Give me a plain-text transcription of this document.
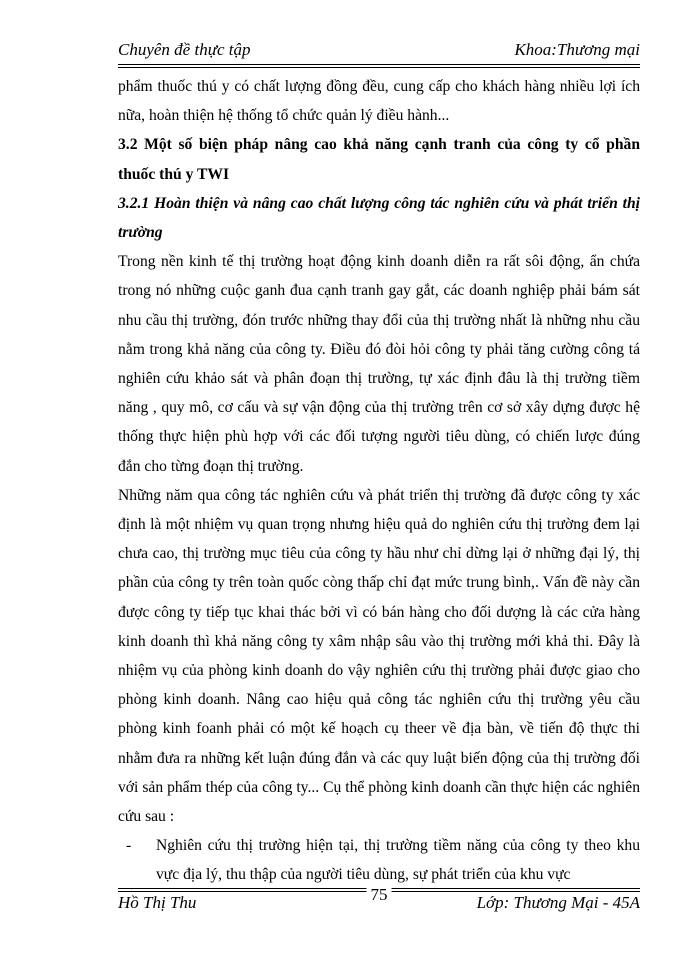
Chuyên đề thực tập	Khoa:Thương mại

phẩm thuốc thú y có chất lượng đồng đều, cung cấp cho khách hàng nhiều lợi ích nữa, hoàn thiện hệ thống tổ chức quản lý điều hành...

3.2 Một số biện pháp nâng cao khả năng cạnh tranh của công ty cổ phần thuốc thú y TWI

3.2.1 Hoàn thiện và nâng cao chất lượng công tác nghiên cứu và phát triển thị trường

Trong nền kinh tế thị trường hoạt động kinh doanh diễn ra rất sôi động, ẩn chứa trong nó những cuộc ganh đua cạnh tranh gay gắt, các doanh nghiệp phải bám sát nhu cầu thị trường, đón trước những thay đổi của thị trường nhất là những nhu cầu nằm trong khả năng của công ty. Điều đó đòi hỏi công ty phải tăng cường công tá nghiên cứu khảo sát và phân đoạn thị trường, tự xác định đâu là thị trường tiềm năng , quy mô, cơ cấu và sự vận động của thị trường trên cơ sở xây dựng được hệ thống thực hiện phù hợp với các đối tượng người tiêu dùng, có chiến lược đúng đắn cho từng đoạn thị trường.

Những năm qua công tác nghiên cứu và phát triển thị trường đã được công ty xác định là một nhiệm vụ quan trọng nhưng hiệu quả do nghiên cứu thị trường đem lại chưa cao, thị trường mục tiêu của công ty hầu như chỉ dừng lại ở những đại lý, thị phần của công ty trên toàn quốc còng thấp chỉ đạt mức trung bình,. Vấn đề này cần được công ty tiếp tục khai thác bởi vì có bán hàng cho đối dượng là các cửa hàng kinh doanh thì khả năng công ty xâm nhập sâu vào thị trường mới khả thi. Đây là nhiệm vụ của phòng kinh doanh do vậy nghiên cứu thị trường phải được giao cho phòng kinh doanh. Nâng cao hiệu quả công tác nghiên cứu thị trường yêu cầu phòng kinh foanh phải có một kế hoạch cụ theer về địa bàn, về tiến độ thực thi nhằm đưa ra những kết luận đúng đắn và các quy luật biến động của thị trường đối với sản phẩm thép của công ty... Cụ thể phòng kinh doanh cần thực hiện các nghiên cứu sau :

-	Nghiên cứu thị trường hiện tại, thị trường tiềm năng của công ty theo khu vực địa lý, thu thập của người tiêu dùng, sự phát triển của khu vực
Hồ Thị Thu	75	Lớp: Thương Mại - 45A
